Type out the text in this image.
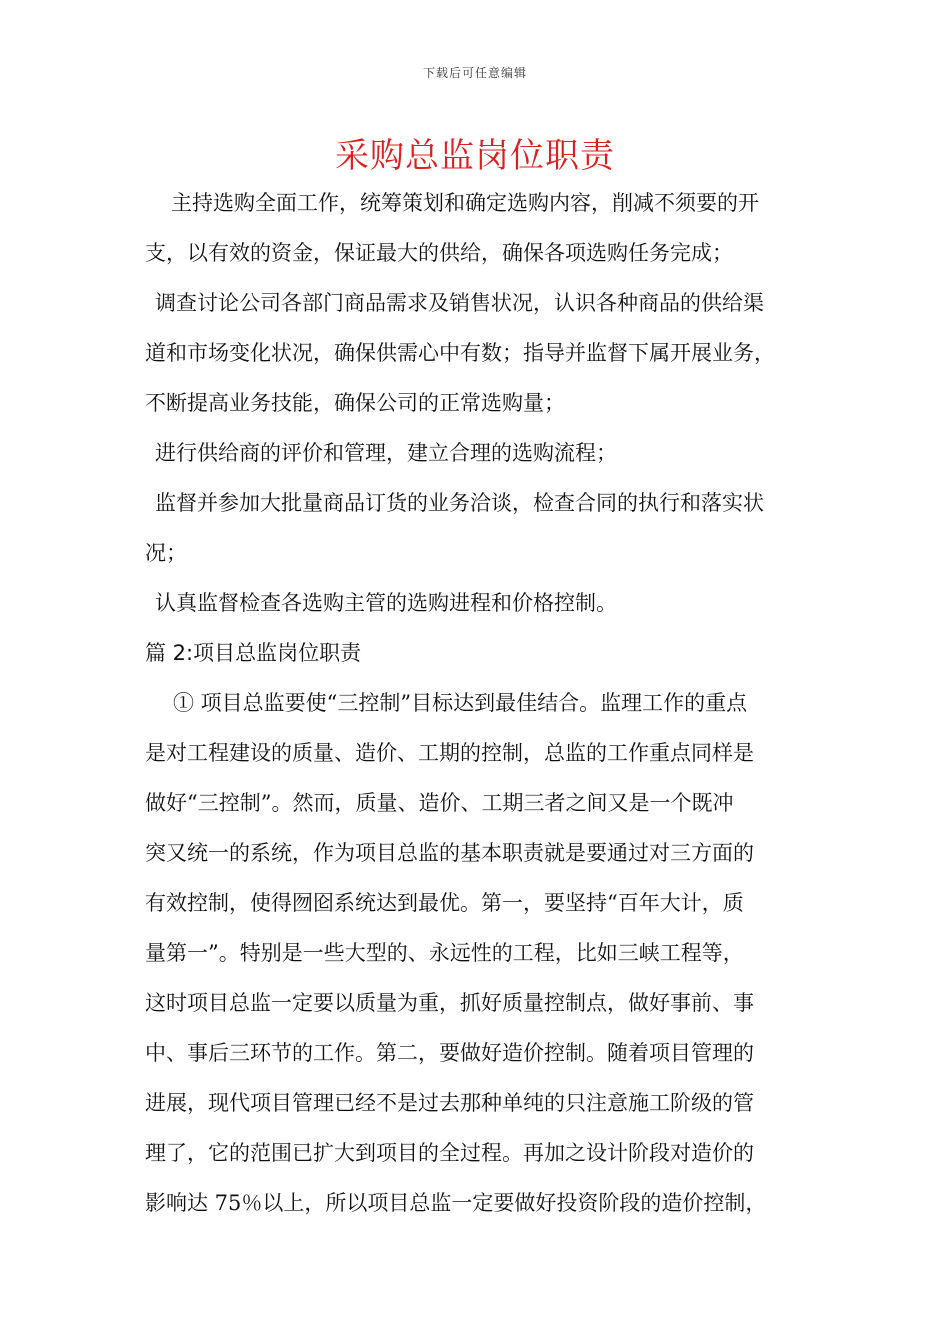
下载后可任意编辑
采购总监岗位职责
主持选购全面工作，统筹策划和确定选购内容，削减不须要的开
支，以有效的资金，保证最大的供给，确保各项选购任务完成；
调查讨论公司各部门商品需求及销售状况，认识各种商品的供给渠
道和市场变化状况，确保供需心中有数；指导并监督下属开展业务，
不断提高业务技能，确保公司的正常选购量；
进行供给商的评价和管理，建立合理的选购流程；
监督并参加大批量商品订货的业务洽谈，检查合同的执行和落实状
况；
认真监督检查各选购主管的选购进程和价格控制。
篇 2:项目总监岗位职责
① 项目总监要使“三控制”目标达到最佳结合。监理工作的重点
是对工程建设的质量、造价、工期的控制，总监的工作重点同样是
做好“三控制”。然而，质量、造价、工期三者之间又是一个既冲
突又统一的系统，作为项目总监的基本职责就是要通过对三方面的
有效控制，使得囫囵系统达到最优。第一，要坚持“百年大计，质
量第一”。特别是一些大型的、永远性的工程，比如三峡工程等，
这时项目总监一定要以质量为重，抓好质量控制点，做好事前、事
中、事后三环节的工作。第二，要做好造价控制。随着项目管理的
进展，现代项目管理已经不是过去那种单纯的只注意施工阶级的管
理了，它的范围已扩大到项目的全过程。再加之设计阶段对造价的
影响达 75％以上，所以项目总监一定要做好投资阶段的造价控制，
